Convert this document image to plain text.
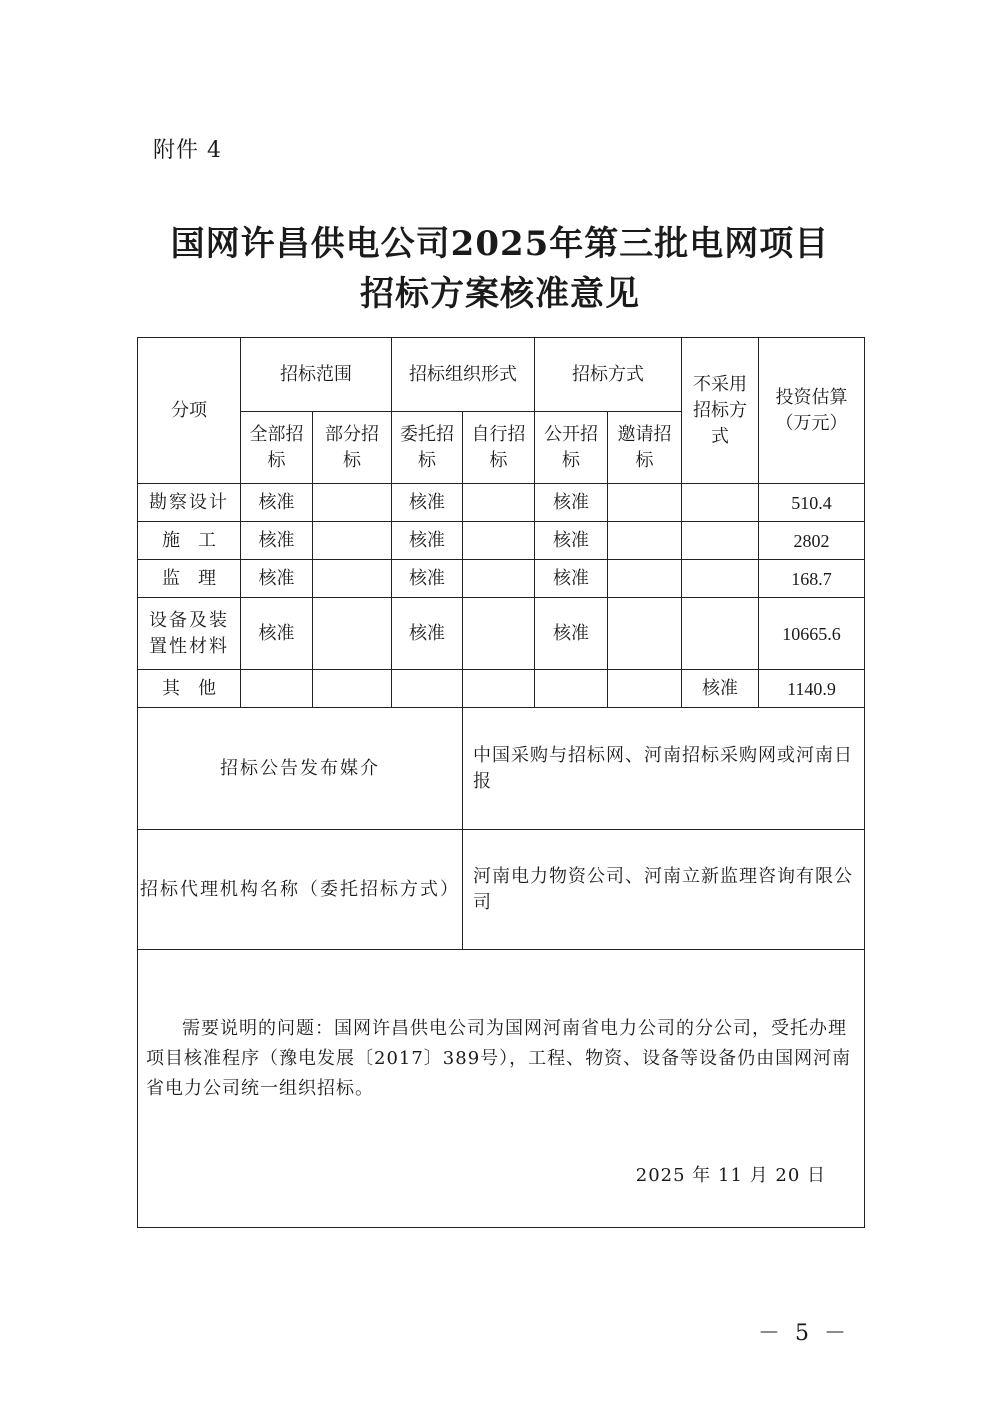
附件 4
国网许昌供电公司2025年第三批电网项目
招标方案核准意见
分项	招标范围		招标组织形式		招标方式		不采用招标方式	投资估算（万元）
	全部招标	部分招标	委托招标	自行招标	公开招标	邀请招标		
勘察设计	核准		核准		核准			510.4
施　工	核准		核准		核准			2802
监　理	核准		核准		核准			168.7
设备及装置性材料	核准		核准		核准			10665.6
其　他							核准	1140.9
招标公告发布媒介				中国采购与招标网、河南招标采购网或河南日报				
招标代理机构名称（委托招标方式）				河南电力物资公司、河南立新监理咨询有限公司				

需要说明的问题：国网许昌供电公司为国网河南省电力公司的分公司，受托办理项目核准程序（豫电发展〔2017〕389号），工程、物资、设备等设备仍由国网河南省电力公司统一组织招标。
2025 年 11 月 20 日								
－ 5 －
